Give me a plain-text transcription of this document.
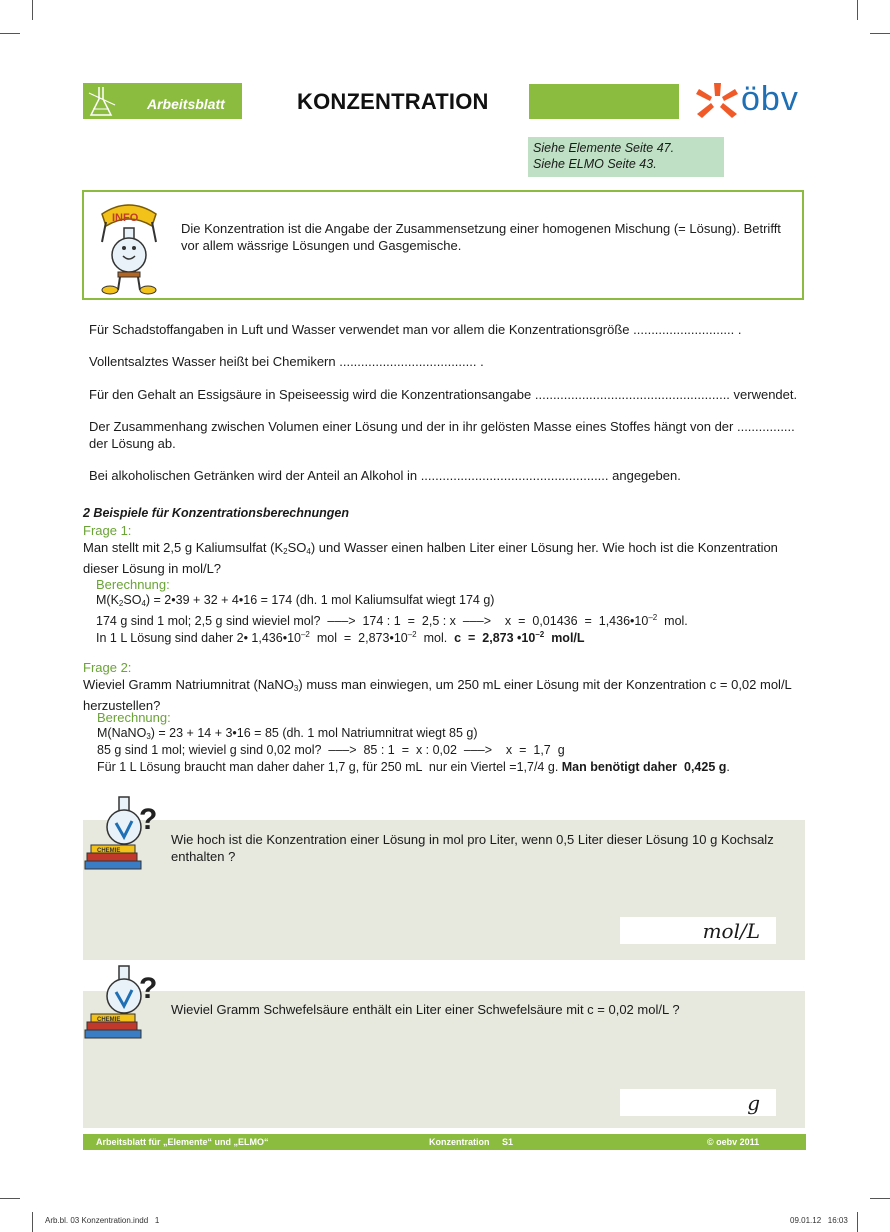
Arbeitsblatt	KONZENTRATION	öbv
Siehe Elemente Seite 47.
Siehe ELMO Seite 43.
INFO
Die Konzentration ist die Angabe der Zusammensetzung einer homogenen Mischung (= Lösung). Betrifft vor allem wässrige Lösungen und Gasgemische.
Für Schadstoffangaben in Luft und Wasser verwendet man vor allem die Konzentrationsgröße ............................ .
Vollentsalztes Wasser heißt bei Chemikern ...................................... .
Für den Gehalt an Essigsäure in Speiseessig wird die Konzentrationsangabe ...................................................... verwendet.
Der Zusammenhang zwischen Volumen einer Lösung und der in ihr gelösten Masse eines Stoffes hängt von der ................ der Lösung ab.
Bei alkoholischen Getränken wird der Anteil an Alkohol in .................................................... angegeben.
2 Beispiele für Konzentrationsberechnungen
Frage 1:
Man stellt mit 2,5 g Kaliumsulfat $(K_2SO_4)$ und Wasser einen halben Liter einer Lösung her. Wie hoch ist die Konzentration dieser Lösung in mol/L?
Berechnung:
$M(K_2SO_4)$ = 2•39 + 32 + 4•16 = 174 (dh. 1 mol Kaliumsulfat wiegt 174 g)
174 g sind 1 mol; 2,5 g sind wieviel mol?  –––>  174 : 1  =  2,5 : x  –––>    $x = 0,01436 = 1,436•10^{-2}$  mol.
In 1 L Lösung sind daher 2• $1,436•10^{-2}$  mol  =  $2,873•10^{-2}$  mol.  c  =  2,873 $•10^{-2}$  mol/L
Frage 2:
Wieviel Gramm Natriumnitrat (NaNO$_3$) muss man einwiegen, um 250 mL einer Lösung mit der Konzentration c = 0,02 mol/L herzustellen?
Berechnung:
M(NaNO$_3$) = 23 + 14 + 3•16 = 85 (dh. 1 mol Natriumnitrat wiegt 85 g)
85 g sind 1 mol; wieviel g sind 0,02 mol?  –––>  85 : 1  =  x : 0,02  –––>    x  =  1,7  g
Für 1 L Lösung braucht man daher daher 1,7 g, für 250 mL  nur ein Viertel =1,7/4 g. Man benötigt daher  0,425 g.
Wie hoch ist die Konzentration einer Lösung in mol pro Liter, wenn 0,5 Liter dieser Lösung 10 g Kochsalz enthalten ?
mol/L
CHEMIE
?
Wieviel Gramm Schwefelsäure enthält ein Liter einer Schwefelsäure mit c = 0,02 mol/L ?
g
CHEMIE
?
Arbeitsblatt für „Elemente“ und „ELMO“	Konzentration     S1	© oebv 2011
Arb.bl. 03 Konzentration.indd   1	09.01.12   16:03
